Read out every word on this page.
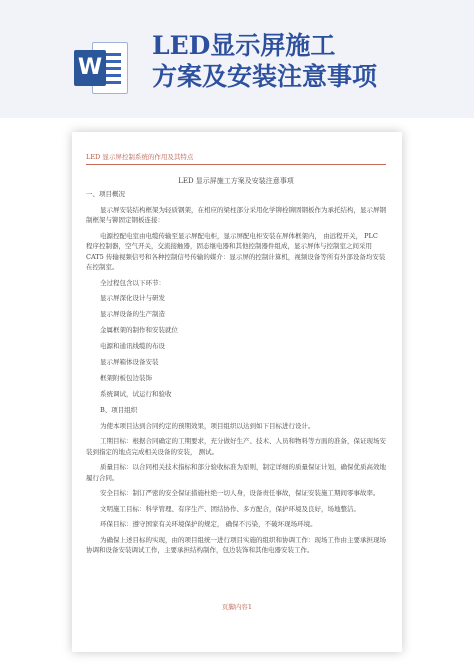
W
LED显示屏施工
方案及安装注意事项
LED 显示屏控制系统的作用及其特点
LED 显示屏施工方案及安装注意事项
一、项目概况
显示屏安装结构框架为轻质钢架，在相应的梁柱部分采用化学铆栓铆固钢板作为承托结构，显示屏钢制框架与铆固定钢板连接：
电源控配电室由电缆传输至显示屏配电柜，显示屏配电柜安装在屏体框架内， 由远程开关， PLC 程序控制器，空气开关，交流接触器，固态继电器和其他控制器件组成，显示屏体与控制室之间采用 CAT5 传输视频信号和各种控制信号传输的媒介：显示屏的控制计算机，视频设备等所有外部设备均安装在控制室。
全过程包含以下环节：
显示屏深化设计与研发
显示屏设备的生产制造
金属框架的制作和安装就位
电源和通讯线缆的布设
显示屏箱体设备安装
框架附板包边装饰
系统调试，试运行和验收
B、项目组织
为使本项目达到合同约定的预期效果，项目组织以达到如下目标进行设计。
工期目标：根据合同确定的工期要求，充分做好生产、技术、人员和物料等方面的准备，保证现场安装到指定的地点完成相关设备的安装， 测试。
质量目标：以合同相关技术指标和部分验收标准为原则，制定详细的质量保证计划，确保优质高效地履行合同。
安全目标：制订严密的安全保证措施杜绝一切人身，设备责任事故，保证安装施工期间零事故率。
文明施工目标：科学管理、有序生产、团结协作、多方配合，保护环境及良好，场地整洁。
环保目标：遵守国家有关环境保护的规定， 确保不污染，不破坏现场环境。
为确保上述目标的实现，由的项目组统一进行项目实施的组织和协调工作：现场工作由主要承担现场协调和设备安装调试工作，主要承担结构制作，包边装饰和其他电器安装工作。
页脚内容1
